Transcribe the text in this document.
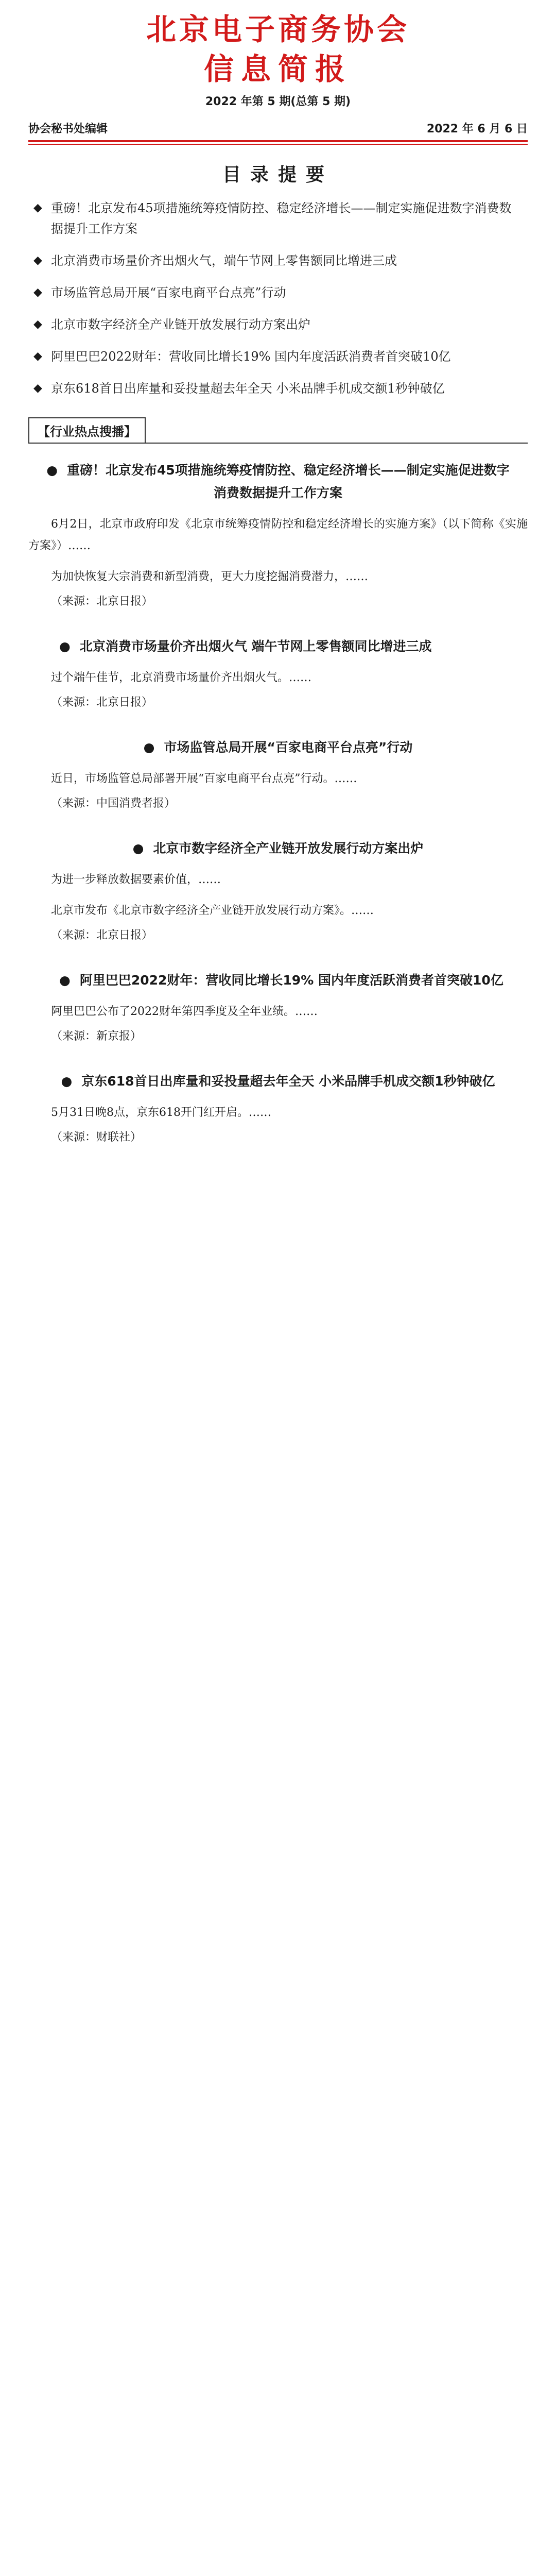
北京电子商务协会
信息简报
2022 年第 5 期(总第 5 期)
协会秘书处编辑	2022 年 6 月 6 日
目录提要
◆ 重磅！北京发布45项措施统筹疫情防控、稳定经济增长——制定实施促进数字消费数据提升工作方案
◆ 北京消费市场量价齐出烟火气，端午节网上零售额同比增进三成
◆ 市场监管总局开展“百家电商平台点亮”行动
◆ 北京市数字经济全产业链开放发展行动方案出炉
◆ 阿里巴巴2022财年：营收同比增长19% 国内年度活跃消费者首突破10亿
◆ 京东618首日出库量和妥投量超去年全天 小米品牌手机成交额1秒钟破亿
【行业热点搜播】
● 重磅！北京发布45项措施统筹疫情防控、稳定经济增长——制定实施促进数字消费数据提升工作方案

6月2日，北京市政府印发《北京市统筹疫情防控和稳定经济增长的实施方案》（以下简称《实施方案》）……

为加快恢复大宗消费和新型消费，更大力度挖掘消费潜力，……

（来源：北京日报）
● 北京消费市场量价齐出烟火气 端午节网上零售额同比增进三成

过个端午佳节，北京消费市场量价齐出烟火气。……

（来源：北京日报）
● 市场监管总局开展“百家电商平台点亮”行动

近日，市场监管总局部署开展“百家电商平台点亮”行动。……

（来源：中国消费者报）
● 北京市数字经济全产业链开放发展行动方案出炉

为进一步释放数据要素价值，……

北京市发布《北京市数字经济全产业链开放发展行动方案》。……

（来源：北京日报）
● 阿里巴巴2022财年：营收同比增长19% 国内年度活跃消费者首突破10亿

阿里巴巴公布了2022财年第四季度及全年业绩。……

（来源：新京报）
● 京东618首日出库量和妥投量超去年全天 小米品牌手机成交额1秒钟破亿

5月31日晚8点，京东618开门红开启。……

（来源：财联社）
